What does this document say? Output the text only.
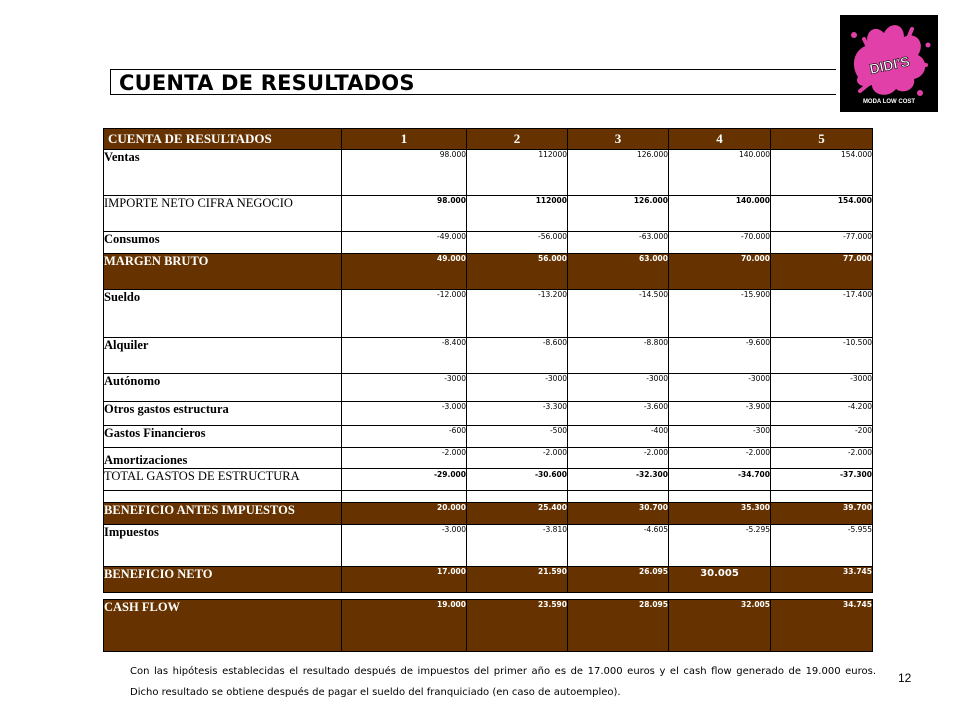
CUENTA DE RESULTADOS
DIDI'S
MODA LOW COST
CUENTA DE RESULTADOS	1	2	3	4	5
Ventas	98.000	112000	126.000	140.000	154.000
IMPORTE NETO CIFRA NEGOCIO	98.000	112000	126.000	140.000	154.000
Consumos	-49.000	-56.000	-63.000	-70.000	-77.000
MARGEN BRUTO	49.000	56.000	63.000	70.000	77.000
Sueldo	-12.000	-13.200	-14.500	-15.900	-17.400
Alquiler	-8.400	-8.600	-8.800	-9.600	-10.500
Autónomo	-3000	-3000	-3000	-3000	-3000
Otros gastos estructura	-3.000	-3.300	-3.600	-3.900	-4.200
Gastos Financieros	-600	-500	-400	-300	-200
Amortizaciones	-2.000	-2.000	-2.000	-2.000	-2.000
TOTAL GASTOS DE ESTRUCTURA	-29.000	-30.600	-32.300	-34.700	-37.300

BENEFICIO ANTES IMPUESTOS	20.000	25.400	30.700	35.300	39.700
Impuestos	-3.000	-3.810	-4.605	-5.295	-5.955
BENEFICIO NETO	17.000	21.590	26.095	30.005	33.745

CASH FLOW	19.000	23.590	28.095	32.005	34.745
Con las hipótesis establecidas el resultado después de impuestos del primer año es de 17.000 euros y el cash flow generado de 19.000 euros. Dicho resultado se obtiene después de pagar el sueldo del franquiciado (en caso de autoempleo).
12
